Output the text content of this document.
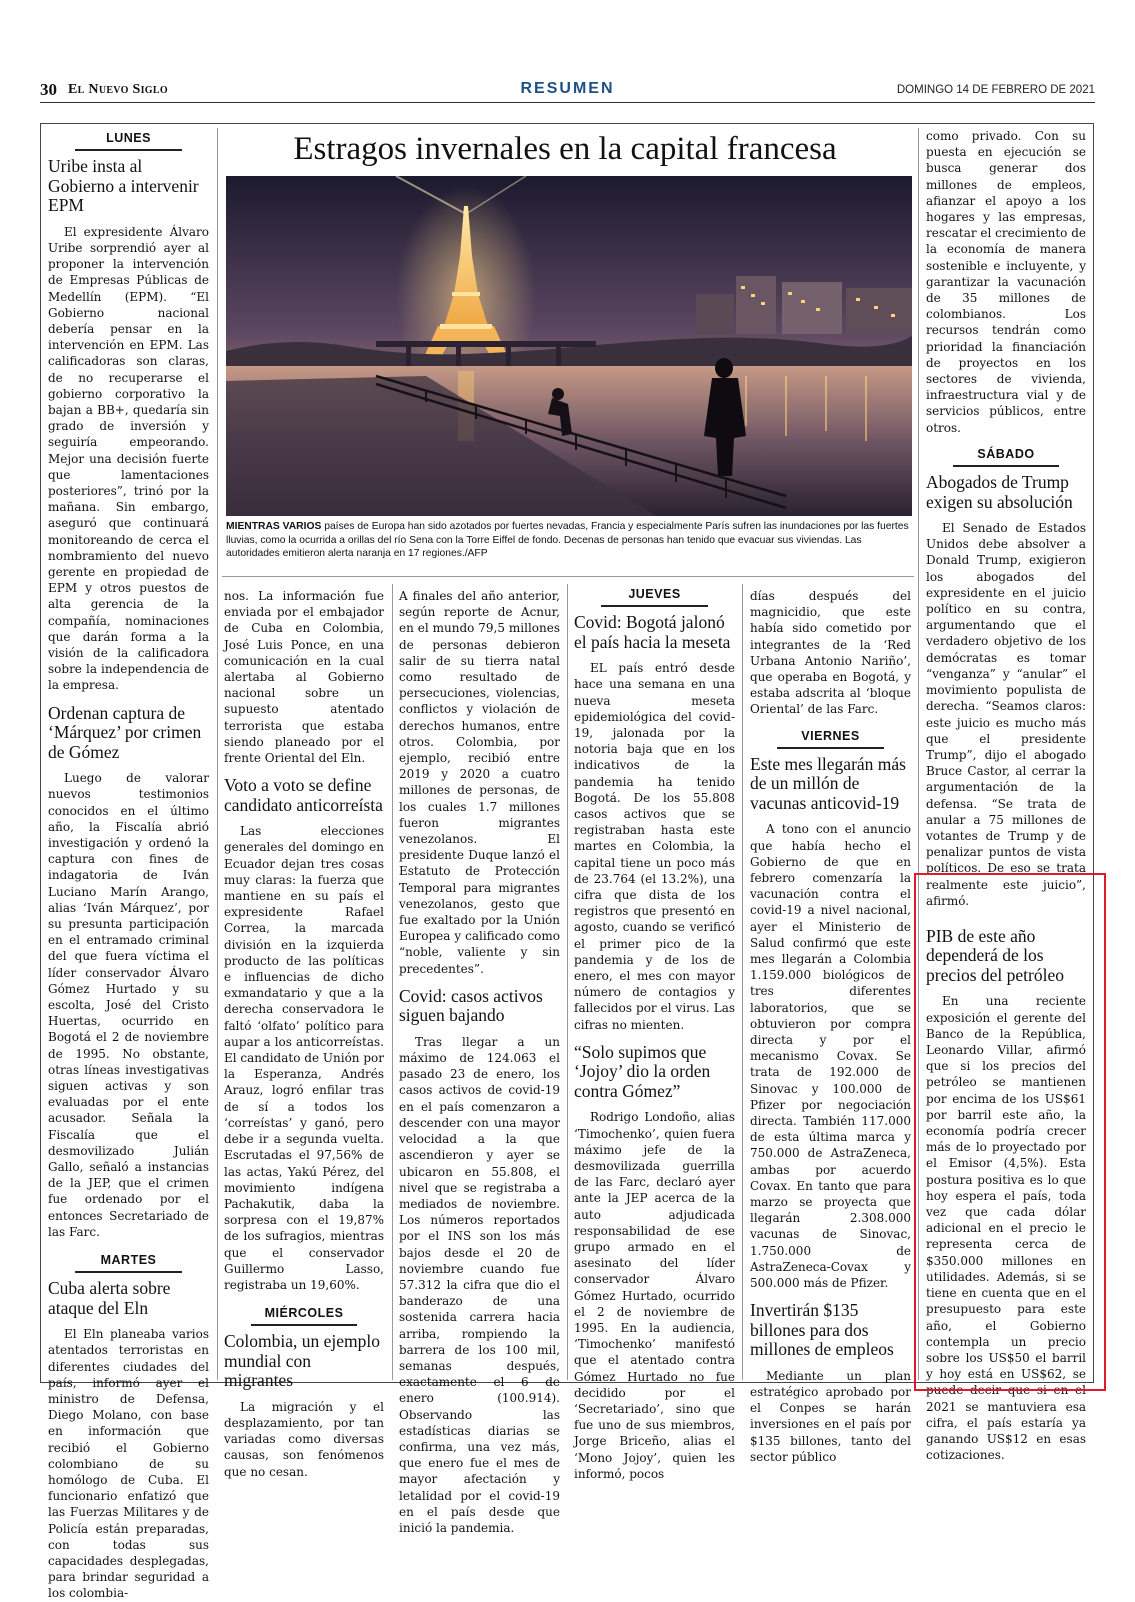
30 El Nuevo Siglo	RESUMEN	DOMINGO 14 DE FEBRERO DE 2021
Estragos invernales en la capital francesa
MIENTRAS VARIOS países de Europa han sido azotados por fuertes nevadas, Francia y especialmente París sufren las inundaciones por las fuertes lluvias, como la ocurrida a orillas del río Sena con la Torre Eiffel de fondo. Decenas de personas han tenido que evacuar sus viviendas. Las autoridades emitieron alerta naranja en 17 regiones./AFP
LUNES
Uribe insta al Gobierno a intervenir EPM

El expresidente Álvaro Uribe sorprendió ayer al proponer la intervención de Empresas Públicas de Medellín (EPM). “El Gobierno nacional debería pensar en la intervención en EPM. Las calificadoras son claras, de no recuperarse el gobierno corporativo la bajan a BB+, quedaría sin grado de inversión y seguiría empeorando. Mejor una decisión fuerte que lamentaciones posteriores”, trinó por la mañana. Sin embargo, aseguró que continuará monitoreando de cerca el nombramiento del nuevo gerente en propiedad de EPM y otros puestos de alta gerencia de la compañía, nominaciones que darán forma a la visión de la calificadora sobre la independencia de la empresa.

Ordenan captura de ‘Márquez’ por crimen de Gómez

Luego de valorar nuevos testimonios conocidos en el último año, la Fiscalía abrió investigación y ordenó la captura con fines de indagatoria de Iván Luciano Marín Arango, alias ‘Iván Márquez’, por su presunta participación en el entramado criminal del que fuera víctima el líder conservador Álvaro Gómez Hurtado y su escolta, José del Cristo Huertas, ocurrido en Bogotá el 2 de noviembre de 1995. No obstante, otras líneas investigativas siguen activas y son evaluadas por el ente acusador. Señala la Fiscalía que el desmovilizado Julián Gallo, señaló a instancias de la JEP, que el crimen fue ordenado por el entonces Secretariado de las Farc.

MARTES
Cuba alerta sobre ataque del Eln

El Eln planeaba varios atentados terroristas en diferentes ciudades del país, informó ayer el ministro de Defensa, Diego Molano, con base en información que recibió el Gobierno colombiano de su homólogo de Cuba. El funcionario enfatizó que las Fuerzas Militares y de Policía están preparadas, con todas sus capacidades desplegadas, para brindar seguridad a los colombia-

nos. La información fue enviada por el embajador de Cuba en Colombia, José Luis Ponce, en una comunicación en la cual alertaba al Gobierno nacional sobre un supuesto atentado terrorista que estaba siendo planeado por el frente Oriental del Eln.

Voto a voto se define candidato anticorreísta

Las elecciones generales del domingo en Ecuador dejan tres cosas muy claras: la fuerza que mantiene en su país el expresidente Rafael Correa, la marcada división en la izquierda producto de las políticas e influencias de dicho exmandatario y que a la derecha conservadora le faltó ‘olfato’ político para aupar a los anticorreístas. El candidato de Unión por la Esperanza, Andrés Arauz, logró enfilar tras de sí a todos los ‘correístas’ y ganó, pero debe ir a segunda vuelta. Escrutadas el 97,56% de las actas, Yakú Pérez, del movimiento indígena Pachakutik, daba la sorpresa con el 19,87% de los sufragios, mientras que el conservador Guillermo Lasso, registraba un 19,60%.

MIÉRCOLES
Colombia, un ejemplo mundial con migrantes

La migración y el desplazamiento, por tan variadas como diversas causas, son fenómenos que no cesan.

A finales del año anterior, según reporte de Acnur, en el mundo 79,5 millones de personas debieron salir de su tierra natal como resultado de persecuciones, violencias, conflictos y violación de derechos humanos, entre otros. Colombia, por ejemplo, recibió entre 2019 y 2020 a cuatro millones de personas, de los cuales 1.7 millones fueron migrantes venezolanos. El presidente Duque lanzó el Estatuto de Protección Temporal para migrantes venezolanos, gesto que fue exaltado por la Unión Europea y calificado como “noble, valiente y sin precedentes”.

Covid: casos activos siguen bajando

Tras llegar a un máximo de 124.063 el pasado 23 de enero, los casos activos de covid-19 en el país comenzaron a descender con una mayor velocidad a la que ascendieron y ayer se ubicaron en 55.808, el nivel que se registraba a mediados de noviembre. Los números reportados por el INS son los más bajos desde el 20 de noviembre cuando fue 57.312 la cifra que dio el banderazo de una sostenida carrera hacia arriba, rompiendo la barrera de los 100 mil, semanas después, exactamente el 6 de enero (100.914). Observando las estadísticas diarias se confirma, una vez más, que enero fue el mes de mayor afectación y letalidad por el covid-19 en el país desde que inició la pandemia.

JUEVES
Covid: Bogotá jalonó el país hacia la meseta

EL país entró desde hace una semana en una nueva meseta epidemiológica del covid-19, jalonada por la notoria baja que en los indicativos de la pandemia ha tenido Bogotá. De los 55.808 casos activos que se registraban hasta este martes en Colombia, la capital tiene un poco más de 23.764 (el 13.2%), una cifra que dista de los registros que presentó en agosto, cuando se verificó el primer pico de la pandemia y de los de enero, el mes con mayor número de contagios y fallecidos por el virus. Las cifras no mienten.

“Solo supimos que ‘Jojoy’ dio la orden contra Gómez”

Rodrigo Londoño, alias ‘Timochenko’, quien fuera máximo jefe de la desmovilizada guerrilla de las Farc, declaró ayer ante la JEP acerca de la auto adjudicada responsabilidad de ese grupo armado en el asesinato del líder conservador Álvaro Gómez Hurtado, ocurrido el 2 de noviembre de 1995. En la audiencia, ‘Timochenko’ manifestó que el atentado contra Gómez Hurtado no fue decidido por el ‘Secretariado’, sino que fue uno de sus miembros, Jorge Briceño, alias el ‘Mono Jojoy’, quien les informó, pocos

días después del magnicidio, que este había sido cometido por integrantes de la ‘Red Urbana Antonio Nariño’, que operaba en Bogotá, y estaba adscrita al ‘bloque Oriental’ de las Farc.

VIERNES
Este mes llegarán más de un millón de vacunas anticovid-19

A tono con el anuncio que había hecho el Gobierno de que en febrero comenzaría la vacunación contra el covid-19 a nivel nacional, ayer el Ministerio de Salud confirmó que este mes llegarán a Colombia 1.159.000 biológicos de tres diferentes laboratorios, que se obtuvieron por compra directa y por el mecanismo Covax. Se trata de 192.000 de Sinovac y 100.000 de Pfizer por negociación directa. También 117.000 de esta última marca y 750.000 de AstraZeneca, ambas por acuerdo Covax. En tanto que para marzo se proyecta que llegarán 2.308.000 vacunas de Sinovac, 1.750.000 de AstraZeneca-Covax y 500.000 más de Pfizer.

Invertirán $135 billones para dos millones de empleos

Mediante un plan estratégico aprobado por el Conpes se harán inversiones en el país por $135 billones, tanto del sector público

como privado. Con su puesta en ejecución se busca generar dos millones de empleos, afianzar el apoyo a los hogares y las empresas, rescatar el crecimiento de la economía de manera sostenible e incluyente, y garantizar la vacunación de 35 millones de colombianos. Los recursos tendrán como prioridad la financiación de proyectos en los sectores de vivienda, infraestructura vial y de servicios públicos, entre otros.

SÁBADO
Abogados de Trump exigen su absolución

El Senado de Estados Unidos debe absolver a Donald Trump, exigieron los abogados del expresidente en el juicio político en su contra, argumentando que el verdadero objetivo de los demócratas es tomar “venganza” y “anular” el movimiento populista de derecha. “Seamos claros: este juicio es mucho más que el presidente Trump”, dijo el abogado Bruce Castor, al cerrar la argumentación de la defensa. “Se trata de anular a 75 millones de votantes de Trump y de penalizar puntos de vista políticos. De eso se trata realmente este juicio”, afirmó.

PIB de este año dependerá de los precios del petróleo

En una reciente exposición el gerente del Banco de la República, Leonardo Villar, afirmó que si los precios del petróleo se mantienen por encima de los US$61 por barril este año, la economía podría crecer más de lo proyectado por el Emisor (4,5%). Esta postura positiva es lo que hoy espera el país, toda vez que cada dólar adicional en el precio le representa cerca de $350.000 millones en utilidades. Además, si se tiene en cuenta que en el presupuesto para este año, el Gobierno contempla un precio sobre los US$50 el barril y hoy está en US$62, se puede decir que si en el 2021 se mantuviera esa cifra, el país estaría ya ganando US$12 en esas cotizaciones.
